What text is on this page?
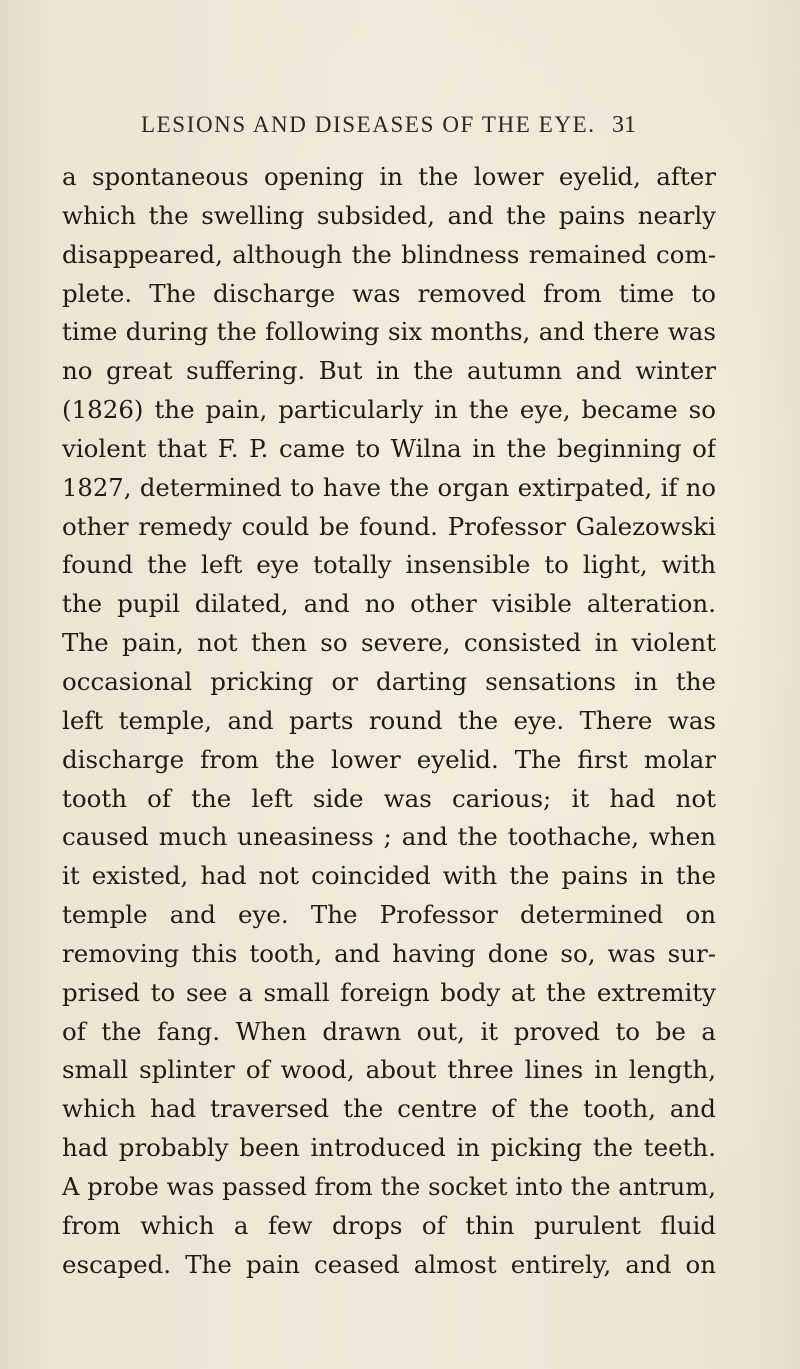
LESIONS AND DISEASES OF THE EYE. 31
a spontaneous opening in the lower eyelid, after
which the swelling subsided, and the pains nearly
disappeared, although the blindness remained com-
plete. The discharge was removed from time to
time during the following six months, and there was
no great suffering. But in the autumn and winter
(1826) the pain, particularly in the eye, became so
violent that F. P. came to Wilna in the beginning of
1827, determined to have the organ extirpated, if no
other remedy could be found. Professor Galezowski
found the left eye totally insensible to light, with
the pupil dilated, and no other visible alteration.
The pain, not then so severe, consisted in violent
occasional pricking or darting sensations in the
left temple, and parts round the eye. There was
discharge from the lower eyelid. The first molar
tooth of the left side was carious; it had not
caused much uneasiness ; and the toothache, when
it existed, had not coincided with the pains in the
temple and eye. The Professor determined on
removing this tooth, and having done so, was sur-
prised to see a small foreign body at the extremity
of the fang. When drawn out, it proved to be a
small splinter of wood, about three lines in length,
which had traversed the centre of the tooth, and
had probably been introduced in picking the teeth.
A probe was passed from the socket into the antrum,
from which a few drops of thin purulent fluid
escaped. The pain ceased almost entirely, and on
